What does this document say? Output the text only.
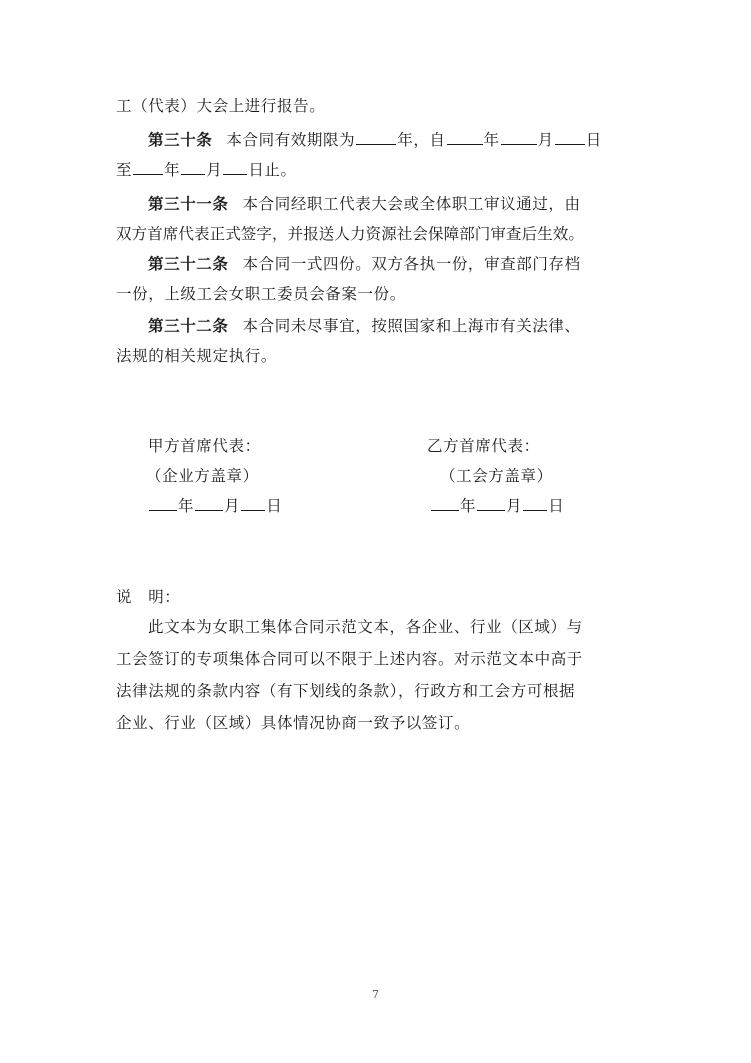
工（代表）大会上进行报告。
第三十条 本合同有效期限为	年，自 年 月 日
至 年 月 日止。
第三十一条 本合同经职工代表大会或全体职工审议通过，由
双方首席代表正式签字，并报送人力资源社会保障部门审查后生效。
第三十二条 本合同一式四份。双方各执一份，审查部门存档
一份，上级工会女职工委员会备案一份。
第三十二条 本合同未尽事宜，按照国家和上海市有关法律、
法规的相关规定执行。
甲方首席代表：
（企业方盖章）
年 月 日
乙方首席代表：
（工会方盖章）
年 月 日
说　明：
此文本为女职工集体合同示范文本，各企业、行业（区域）与
工会签订的专项集体合同可以不限于上述内容。对示范文本中高于
法律法规的条款内容（有下划线的条款），行政方和工会方可根据
企业、行业（区域）具体情况协商一致予以签订。
7
